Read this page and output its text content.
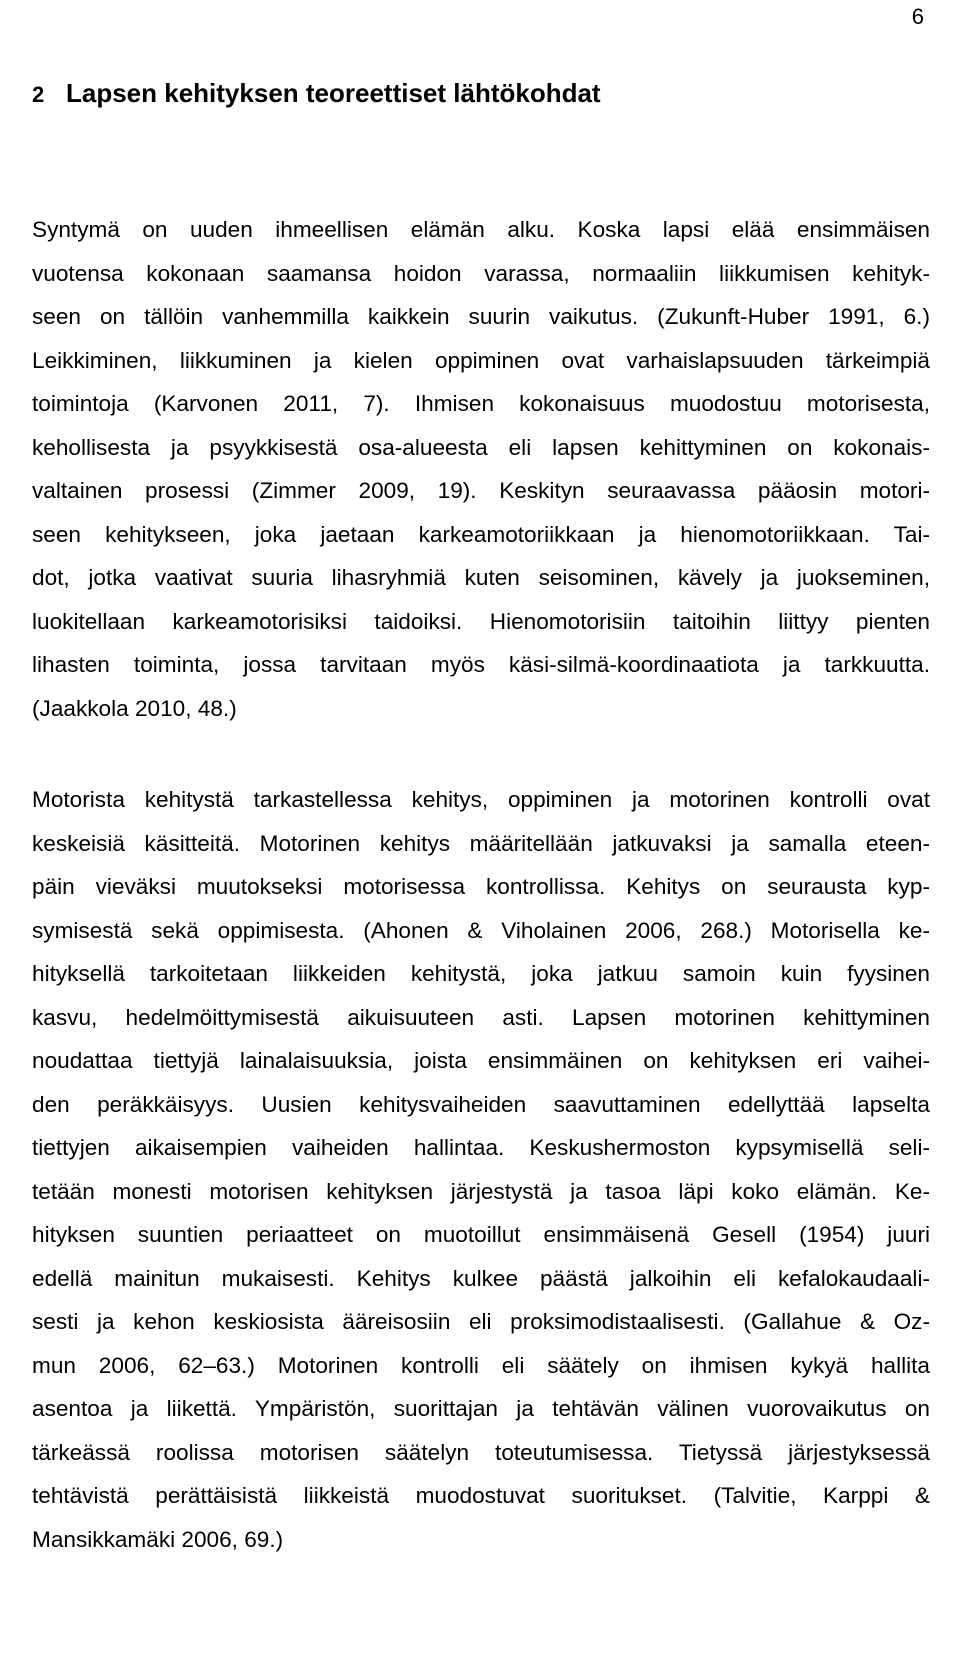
6
2 Lapsen kehityksen teoreettiset lähtökohdat
Syntymä on uuden ihmeellisen elämän alku. Koska lapsi elää ensimmäisen
vuotensa kokonaan saamansa hoidon varassa, normaaliin liikkumisen kehityk-
seen on tällöin vanhemmilla kaikkein suurin vaikutus. (Zukunft-Huber 1991, 6.)
Leikkiminen, liikkuminen ja kielen oppiminen ovat varhaislapsuuden tärkeimpiä
toimintoja (Karvonen 2011, 7). Ihmisen kokonaisuus muodostuu motorisesta,
kehollisesta ja psyykkisestä osa-alueesta eli lapsen kehittyminen on kokonais-
valtainen prosessi (Zimmer 2009, 19). Keskityn seuraavassa pääosin motori-
seen kehitykseen, joka jaetaan karkeamotoriikkaan ja hienomotoriikkaan. Tai-
dot, jotka vaativat suuria lihasryhmiä kuten seisominen, kävely ja juokseminen,
luokitellaan karkeamotorisiksi taidoiksi. Hienomotorisiin taitoihin liittyy pienten
lihasten toiminta, jossa tarvitaan myös käsi-silmä-koordinaatiota ja tarkkuutta.
(Jaakkola 2010, 48.)
Motorista kehitystä tarkastellessa kehitys, oppiminen ja motorinen kontrolli ovat
keskeisiä käsitteitä. Motorinen kehitys määritellään jatkuvaksi ja samalla eteen-
päin vieväksi muutokseksi motorisessa kontrollissa. Kehitys on seurausta kyp-
symisestä sekä oppimisesta. (Ahonen & Viholainen 2006, 268.) Motorisella ke-
hityksellä tarkoitetaan liikkeiden kehitystä, joka jatkuu samoin kuin fyysinen
kasvu, hedelmöittymisestä aikuisuuteen asti. Lapsen motorinen kehittyminen
noudattaa tiettyjä lainalaisuuksia, joista ensimmäinen on kehityksen eri vaihei-
den peräkkäisyys. Uusien kehitysvaiheiden saavuttaminen edellyttää lapselta
tiettyjen aikaisempien vaiheiden hallintaa. Keskushermoston kypsymisellä seli-
tetään monesti motorisen kehityksen järjestystä ja tasoa läpi koko elämän. Ke-
hityksen suuntien periaatteet on muotoillut ensimmäisenä Gesell (1954) juuri
edellä mainitun mukaisesti. Kehitys kulkee päästä jalkoihin eli kefalokaudaali-
sesti ja kehon keskiosista ääreisosiin eli proksimodistaalisesti. (Gallahue & Oz-
mun 2006, 62–63.) Motorinen kontrolli eli säätely on ihmisen kykyä hallita
asentoa ja liikettä. Ympäristön, suorittajan ja tehtävän välinen vuorovaikutus on
tärkeässä roolissa motorisen säätelyn toteutumisessa. Tietyssä järjestyksessä
tehtävistä perättäisistä liikkeistä muodostuvat suoritukset. (Talvitie, Karppi &
Mansikkamäki 2006, 69.)
